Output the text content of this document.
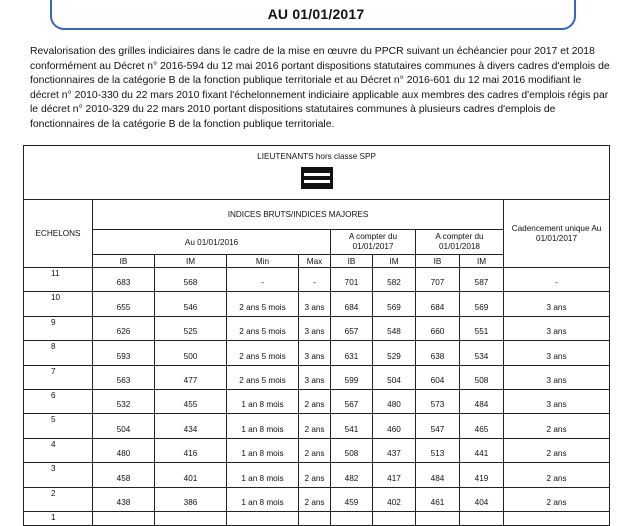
AU 01/01/2017

Revalorisation des grilles indiciaires dans le cadre de la mise en œuvre du PPCR suivant un échéancier pour 2017 et 2018 conformément au Décret n° 2016-594 du 12 mai 2016 portant dispositions statutaires communes à divers cadres d'emplois de fonctionnaires de la catégorie B de la fonction publique territoriale et au Décret n° 2016-601 du 12 mai 2016 modifiant le décret n° 2010-330 du 22 mars 2010 fixant l'échelonnement indiciaire applicable aux membres des cadres d'emplois régis par le décret n° 2010-329 du 22 mars 2010 portant dispositions statutaires communes à plusieurs cadres d'emplois de fonctionnaires de la catégorie B de la fonction publique territoriale.

LIEUTENANTS hors classe SPP									

ECHELONS	INDICES BRUTS/INDICES MAJORES								Cadencement unique Au 01/01/2017
	Au 01/01/2016				A compter du 01/01/2017		A compter du 01/01/2018		
	IB	IM	Min	Max	IB	IM	IB	IM	
11	683	568	-	-	701	582	707	587	-
10	655	546	2 ans 5 mois	3 ans	684	569	684	569	3 ans
9	626	525	2 ans 5 mois	3 ans	657	548	660	551	3 ans
8	593	500	2 ans 5 mois	3 ans	631	529	638	534	3 ans
7	563	477	2 ans 5 mois	3 ans	599	504	604	508	3 ans
6	532	455	1 an 8 mois	2 ans	567	480	573	484	3 ans
5	504	434	1 an 8 mois	2 ans	541	460	547	465	2 ans
4	480	416	1 an 8 mois	2 ans	508	437	513	441	2 ans
3	458	401	1 an 8 mois	2 ans	482	417	484	419	2 ans
2	438	386	1 an 8 mois	2 ans	459	402	461	404	2 ans
1									
